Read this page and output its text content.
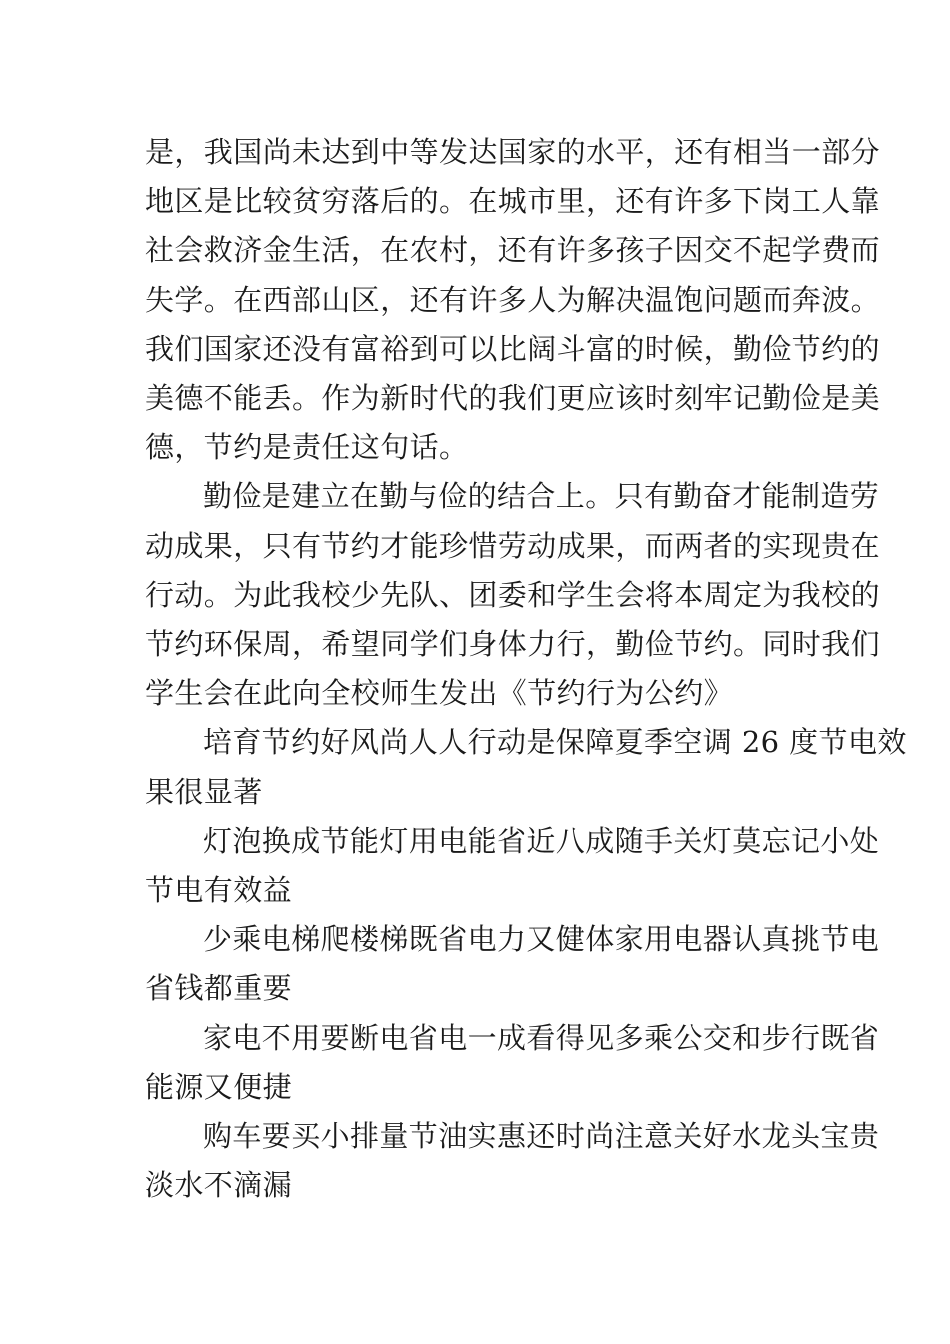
是，我国尚未达到中等发达国家的水平，还有相当一部分
地区是比较贫穷落后的。在城市里，还有许多下岗工人靠
社会救济金生活，在农村，还有许多孩子因交不起学费而
失学。在西部山区，还有许多人为解决温饱问题而奔波。
我们国家还没有富裕到可以比阔斗富的时候，勤俭节约的
美德不能丢。作为新时代的我们更应该时刻牢记勤俭是美
德，节约是责任这句话。

勤俭是建立在勤与俭的结合上。只有勤奋才能制造劳
动成果，只有节约才能珍惜劳动成果，而两者的实现贵在
行动。为此我校少先队、团委和学生会将本周定为我校的
节约环保周，希望同学们身体力行，勤俭节约。同时我们
学生会在此向全校师生发出《节约行为公约》

培育节约好风尚人人行动是保障夏季空调 26 度节电效
果很显著

灯泡换成节能灯用电能省近八成随手关灯莫忘记小处
节电有效益

少乘电梯爬楼梯既省电力又健体家用电器认真挑节电
省钱都重要

家电不用要断电省电一成看得见多乘公交和步行既省
能源又便捷

购车要买小排量节油实惠还时尚注意关好水龙头宝贵
淡水不滴漏
